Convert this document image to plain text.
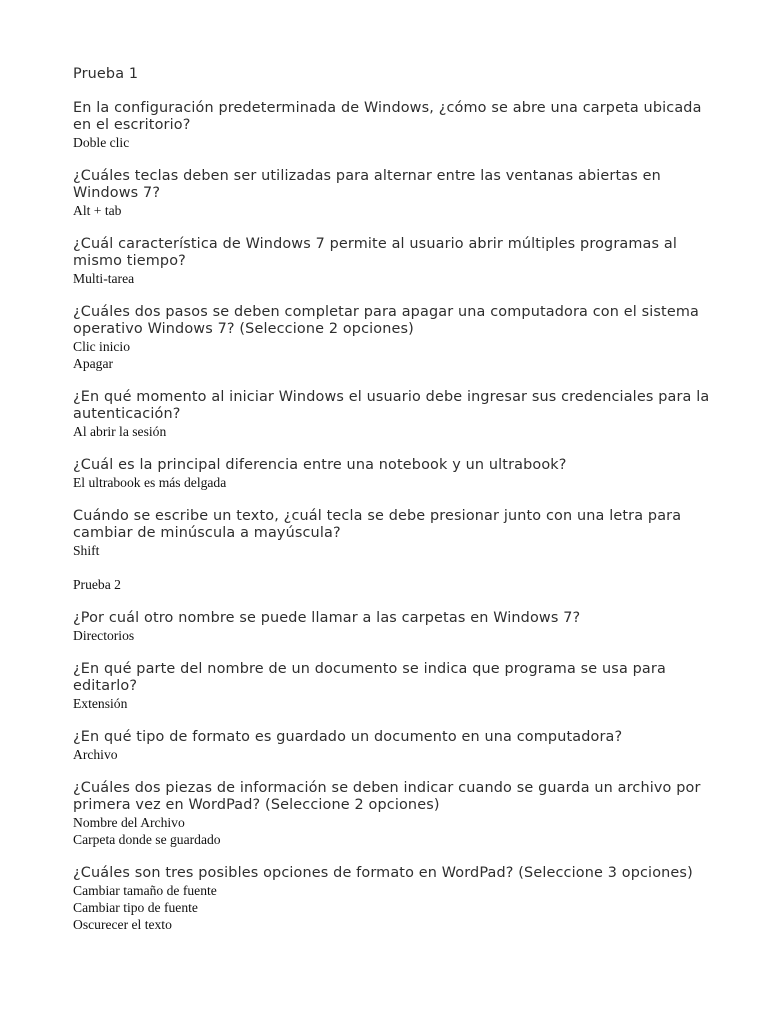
Prueba 1

En la configuración predeterminada de Windows, ¿cómo se abre una carpeta ubicada en el escritorio?

Doble clic

¿Cuáles teclas deben ser utilizadas para alternar entre las ventanas abiertas en Windows 7?

Alt + tab

¿Cuál característica de Windows 7 permite al usuario abrir múltiples programas al mismo tiempo?

Multi-tarea

¿Cuáles dos pasos se deben completar para apagar una computadora con el sistema operativo Windows 7? (Seleccione 2 opciones)

Clic inicio

Apagar

¿En qué momento al iniciar Windows el usuario debe ingresar sus credenciales para la autenticación?

Al abrir la sesión

¿Cuál es la principal diferencia entre una notebook y un ultrabook?

El ultrabook es más delgada

Cuándo se escribe un texto, ¿cuál tecla se debe presionar junto con una letra para cambiar de minúscula a mayúscula?

Shift

Prueba 2

¿Por cuál otro nombre se puede llamar a las carpetas en Windows 7?

Directorios

¿En qué parte del nombre de un documento se indica que programa se usa para editarlo?

Extensión

¿En qué tipo de formato es guardado un documento en una computadora?

Archivo

¿Cuáles dos piezas de información se deben indicar cuando se guarda un archivo por primera vez en WordPad? (Seleccione 2 opciones)

Nombre del Archivo

Carpeta donde se guardado

¿Cuáles son tres posibles opciones de formato en WordPad? (Seleccione 3 opciones)

Cambiar tamaño de fuente

Cambiar tipo de fuente

Oscurecer el texto
